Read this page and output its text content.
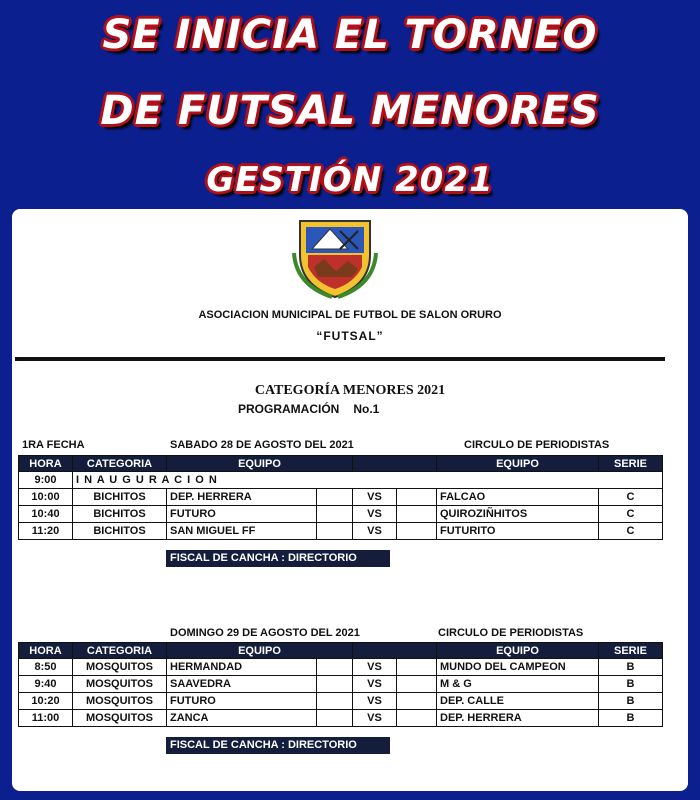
SE INICIA EL TORNEO
DE FUTSAL MENORES
GESTIÓN 2021
ASOCIACION MUNICIPAL DE FUTBOL DE SALON ORURO
“FUTSAL”
CATEGORÍA MENORES 2021
PROGRAMACIÓN No.1
1RA FECHA	SABADO 28 DE AGOSTO DEL 2021	CIRCULO DE PERIODISTAS
HORA	CATEGORIA	EQUIPO				EQUIPO	SERIE
9:00	I N A U G U R A C I O N						
10:00	BICHITOS	DEP. HERRERA		VS		FALCAO	C
10:40	BICHITOS	FUTURO		VS		QUIROZIÑHITOS	C
11:20	BICHITOS	SAN MIGUEL FF		VS		FUTURITO	C
FISCAL DE CANCHA : DIRECTORIO
DOMINGO 29 DE AGOSTO DEL 2021	CIRCULO DE PERIODISTAS
HORA	CATEGORIA	EQUIPO				EQUIPO	SERIE
8:50	MOSQUITOS	HERMANDAD		VS		MUNDO DEL CAMPEON	B
9:40	MOSQUITOS	SAAVEDRA		VS		M & G	B
10:20	MOSQUITOS	FUTURO		VS		DEP. CALLE	B
11:00	MOSQUITOS	ZANCA		VS		DEP. HERRERA	B
FISCAL DE CANCHA : DIRECTORIO
